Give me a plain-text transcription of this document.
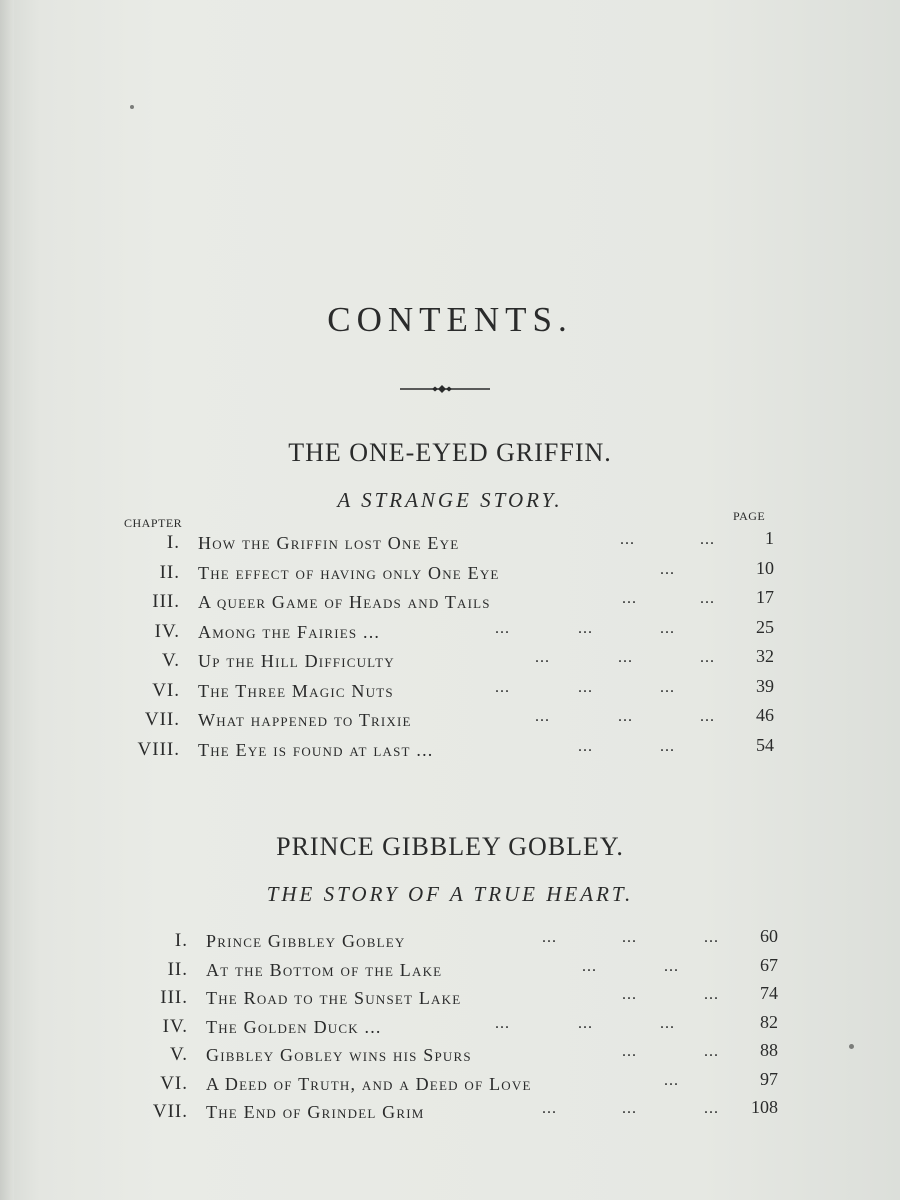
CONTENTS.
THE ONE-EYED GRIFFIN.
A STRANGE STORY.
CHAPTER	PAGE
I. How the Griffin lost One Eye	...	...	1
II. The effect of having only One Eye	...	10
III. A queer Game of Heads and Tails	...	... 17
IV. Among the Fairies ...	...	...	...	25
V. Up the Hill Difficulty	...	...	... 32
VI. The Three Magic Nuts	...	...	...	39
VII. What happened to Trixie	...	...	... 46
VIII. The Eye is found at last ...	...	...	54
PRINCE GIBBLEY GOBLEY.
THE STORY OF A TRUE HEART.
I. Prince Gibbley Gobley	...	...	... 60
II. At the Bottom of the Lake	...	...	67
III. The Road to the Sunset Lake	...	... 74
IV. The Golden Duck ...	...	...	...	82
V. Gibbley Gobley wins his Spurs	...	... 88
VI. A Deed of Truth, and a Deed of Love	...	97
VII. The End of Grindel Grim	...	...	... 108
